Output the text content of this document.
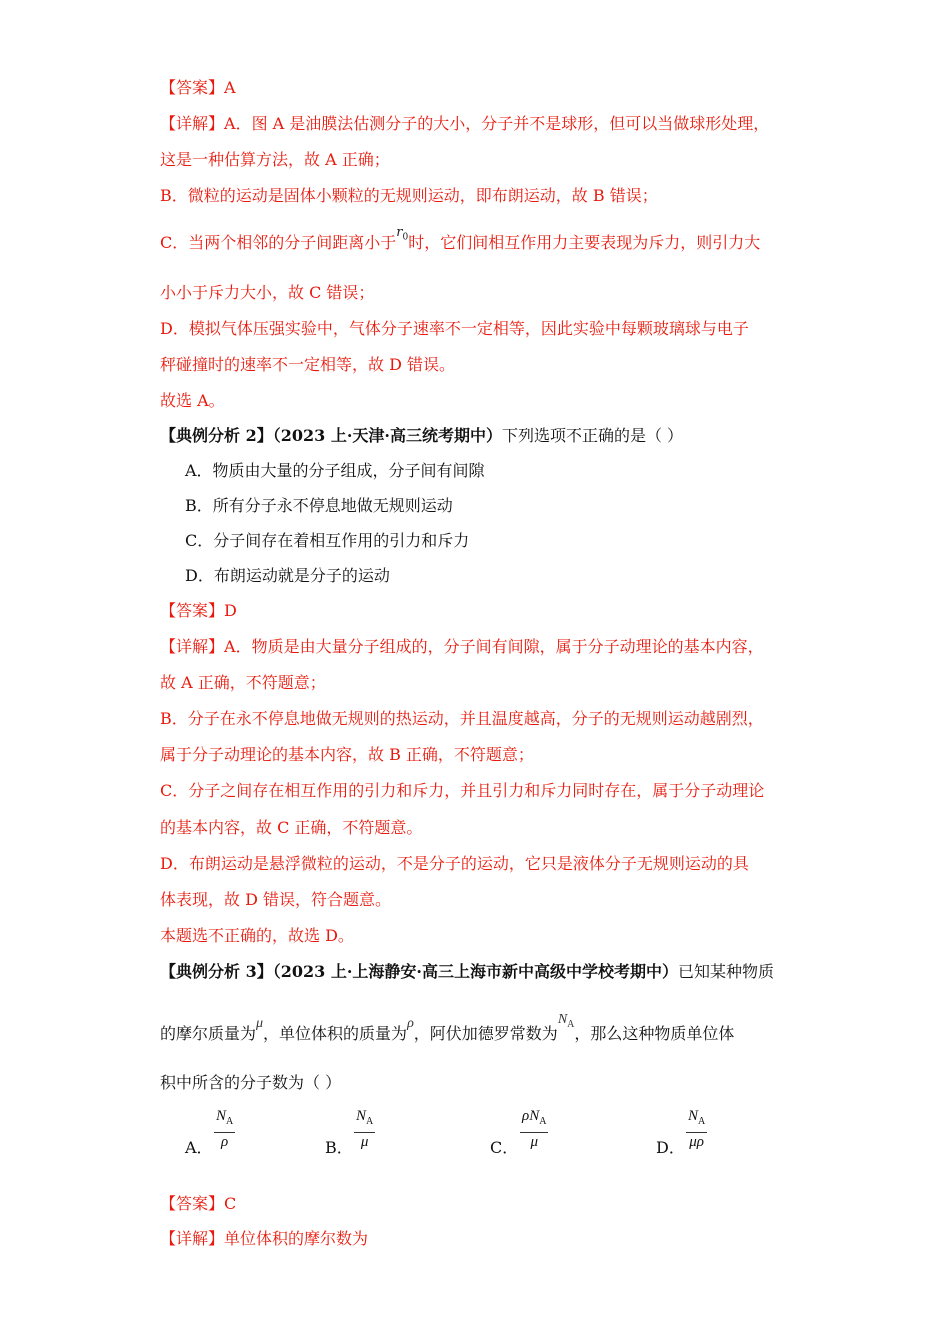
【答案】A
【详解】A．图 A 是油膜法估测分子的大小，分子并不是球形，但可以当做球形处理，
这是一种估算方法，故 A 正确；
B．微粒的运动是固体小颗粒的无规则运动，即布朗运动，故 B 错误；
C．当两个相邻的分子间距离小于$^{r_0}$时，它们间相互作用力主要表现为斥力，则引力大
小小于斥力大小，故 C 错误；
D．模拟气体压强实验中，气体分子速率不一定相等，因此实验中每颗玻璃球与电子
秤碰撞时的速率不一定相等，故 D 错误。
故选 A。
【典例分析 2】（2023 上·天津·高三统考期中）下列选项不正确的是（ ）
A．物质由大量的分子组成，分子间有间隙
B．所有分子永不停息地做无规则运动
C．分子间存在着相互作用的引力和斥力
D．布朗运动就是分子的运动
【答案】D
【详解】A．物质是由大量分子组成的，分子间有间隙，属于分子动理论的基本内容，
故 A 正确，不符题意；
B．分子在永不停息地做无规则的热运动，并且温度越高，分子的无规则运动越剧烈，
属于分子动理论的基本内容，故 B 正确，不符题意；
C．分子之间存在相互作用的引力和斥力，并且引力和斥力同时存在，属于分子动理论
的基本内容，故 C 正确，不符题意。
D．布朗运动是悬浮微粒的运动，不是分子的运动，它只是液体分子无规则运动的具
体表现，故 D 错误，符合题意。
本题选不正确的，故选 D。
【典例分析 3】（2023 上·上海静安·高三上海市新中高级中学校考期中）已知某种物质
的摩尔质量为μ，单位体积的质量为ρ，阿伏加德罗常数为$N_A$，那么这种物质单位体
积中所含的分子数为（ ）
A． $\frac{N_A}{\rho}$	B． $\frac{N_A}{\mu}$	C．
$\rho N_A$
μ	D． $\frac{N_A}{\mu\rho}$
【答案】C
【详解】单位体积的摩尔数为
